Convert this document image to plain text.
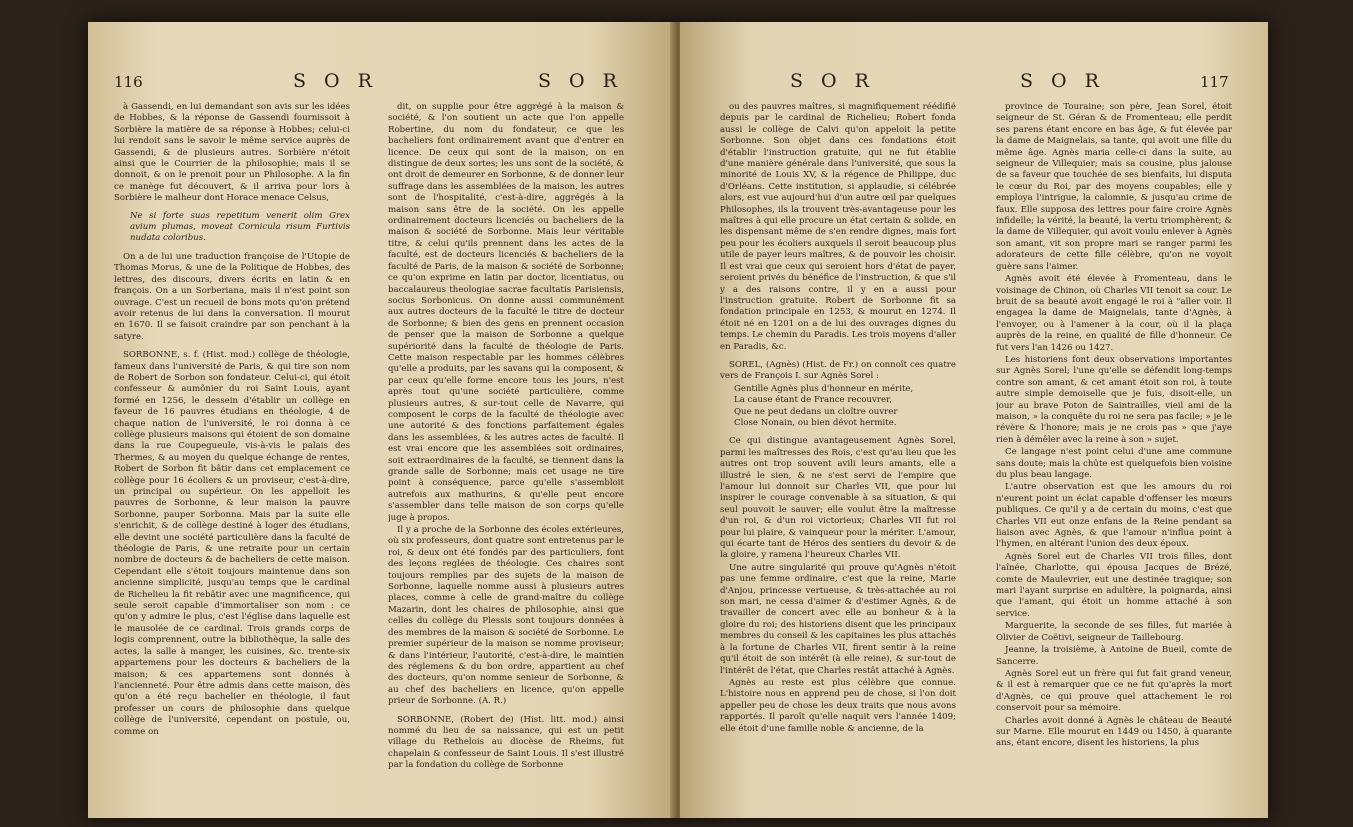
116	S O R	S O R

à Gassendi, en lui demandant son avis sur les idées de Hobbes, & la réponse de Gassendi fournissoit à Sorbière la matière de sa réponse à Hobbes; celui-ci lui rendoit sans le savoir le même service auprès de Gassendi, & de plusieurs autres. Sorbière n'étoit ainsi que le Courrier de la philosophie; mais il se donnoit, & on le prenoit pour un Philosophe. A la fin ce manège fut découvert, & il arriva pour lors à Sorbière le malheur dont Horace menace Celsus,

Ne si forte suas repetitum venerit olim Grex avium plumas, moveat Cornicula risum Furtivis nudata coloribus.

On a de lui une traduction françoise de l'Utopie de Thomas Morus, & une de la Politique de Hobbes, des lettres, des discours, divers écrits en latin & en françois. On a un Sorberiana, mais il n'est point son ouvrage. C'est un recueil de bons mots qu'on prétend avoir retenus de lui dans la conversation. Il mourut en 1670. Il se faisoit craindre par son penchant à la satyre.

SORBONNE, s. f. (Hist. mod.) collège de théologie, fameux dans l'université de Paris, & qui tire son nom de Robert de Sorbon son fondateur. Celui-ci, qui étoit confesseur & aumônier du roi Saint Louis, ayant formé en 1256, le dessein d'établir un collège en faveur de 16 pauvres étudians en théologie, 4 de chaque nation de l'université, le roi donna à ce collège plusieurs maisons qui étoient de son domaine dans la rue Coupegueule, vis-à-vis le palais des Thermes, & au moyen du quelque échange de rentes, Robert de Sorbon fit bâtir dans cet emplacement ce collège pour 16 écoliers & un proviseur, c'est-à-dire, un principal ou supérieur. On les appelloit les pauvres de Sorbonne, & leur maison la pauvre Sorbonne, pauper Sorbonna. Mais par la suite elle s'enrichit, & de collège destiné à loger des étudians, elle devint une société particulière dans la faculté de théologie de Paris, & une retraite pour un certain nombre de docteurs & de bacheliers de cette maison. Cependant elle s'étoit toujours maintenue dans son ancienne simplicité, jusqu'au temps que le cardinal de Richelieu la fit rebâtir avec une magnificence, qui seule seroit capable d'immortaliser son nom : ce qu'on y admire le plus, c'est l'église dans laquelle est le mausolée de ce cardinal. Trois grands corps de logis comprennent, outre la bibliothèque, la salle des actes, la salle à manger, les cuisines, &c. trente-six appartemens pour les docteurs & bacheliers de la maison; & ces appartemens sont donnés à l'ancienneté. Pour être admis dans cette maison, dès qu'on a été reçu bachelier en théologie, il faut professer un cours de philosophie dans quelque collège de l'université, cependant on postule, ou, comme on

dit, on supplie pour être aggrégé à la maison & société, & l'on soutient un acte que l'on appelle Robertine, du nom du fondateur, ce que les bacheliers font ordinairement avant que d'entrer en licence. De ceux qui sont de la maison, on en distingue de deux sortes; les uns sont de la société, & ont droit de demeurer en Sorbonne, & de donner leur suffrage dans les assemblées de la maison, les autres sont de l'hospitalité, c'est-à-dire, aggrégés à la maison sans être de la société. On les appelle ordinairement docteurs licenciés ou bacheliers de la maison & société de Sorbonne. Mais leur véritable titre, & celui qu'ils prennent dans les actes de la faculté, est de docteurs licenciés & bacheliers de la faculté de Paris, de la maison & société de Sorbonne; ce qu'on exprime en latin par doctor, licentiatus, ou baccalaureus theologiae sacrae facultatis Parisiensis, socius Sorbonicus. On donne aussi communément aux autres docteurs de la faculté le titre de docteur de Sorbonne; & bien des gens en prennent occasion de penser que la maison de Sorbonne a quelque supériorité dans la faculté de théologie de Paris. Cette maison respectable par les hommes célèbres qu'elle a produits, par les savans qui la composent, & par ceux qu'elle forme encore tous les jours, n'est après tout qu'une société particulière, comme plusieurs autres, & sur-tout celle de Navarre, qui composent le corps de la faculté de théologie avec une autorité & des fonctions parfaitement égales dans les assemblées, & les autres actes de faculté. Il est vrai encore que les assemblées soit ordinaires, soit extraordinaires de la faculté, se tiennent dans la grande salle de Sorbonne; mais cet usage ne tire point à conséquence, parce qu'elle s'assembloit autrefois aux mathurins, & qu'elle peut encore s'assembler dans telle maison de son corps qu'elle juge à propos.

Il y a proche de la Sorbonne des écoles extérieures, où six professeurs, dont quatre sont entretenus par le roi, & deux ont été fondés par des particuliers, font des leçons reglées de théologie. Ces chaires sont toujours remplies par des sujets de la maison de Sorbonne, laquelle nomme aussi à plusieurs autres places, comme à celle de grand-maître du collège Mazarin, dont les chaires de philosophie, ainsi que celles du collège du Plessis sont toujours données à des membres de la maison & société de Sorbonne. Le premier supérieur de la maison se nomme proviseur; & dans l'intérieur, l'autorité, c'est-à-dire, le maintien des réglemens & du bon ordre, appartient au chef des docteurs, qu'on nomme senieur de Sorbonne, & au chef des bacheliers en licence, qu'on appelle prieur de Sorbonne. (A. R.)

SORBONNE, (Robert de) (Hist. litt. mod.) ainsi nommé du lieu de sa naissance, qui est un petit village du Rethelois au diocèse de Rheims, fut chapelain & confesseur de Saint Louis. Il s'est illustré par la fondation du collège de Sorbonne

S O R	S O R	117

ou des pauvres maîtres, si magnifiquement réédifié depuis par le cardinal de Richelieu; Robert fonda aussi le collège de Calvi qu'on appeloit la petite Sorbonne. Son objet dans ces fondations étoit d'établir l'instruction gratuite, qui ne fut établie d'une manière générale dans l'université, que sous la minorité de Louis XV, & la régence de Philippe, duc d'Orléans. Cette institution, si applaudie, si célébrée alors, est vue aujourd'hui d'un autre œil par quelques Philosophes, ils la trouvent très-avantageuse pour les maîtres à qui elle procure un état certain & solide, en les dispensant même de s'en rendre dignes, mais fort peu pour les écoliers auxquels il seroit beaucoup plus utile de payer leurs maîtres, & de pouvoir les choisir. Il est vrai que ceux qui seroient hors d'état de payer, seroient privés du bénéfice de l'instruction, & que s'il y a des raisons contre, il y en a aussi pour l'instruction gratuite. Robert de Sorbonne fit sa fondation principale en 1253, & mourut en 1274. Il étoit né en 1201 on a de lui des ouvrages dignes du temps. Le chemin du Paradis. Les trois moyens d'aller en Paradis, &c.

SOREL, (Agnès) (Hist. de Fr.) on connoît ces quatre vers de François I. sur Agnès Sorel :

Gentille Agnès plus d'honneur en mérite,

La cause étant de France recouvrer,

Que ne peut dedans un cloître ouvrer

Close Nonain, ou bien dévot hermite.

Ce qui distingue avantageusement Agnès Sorel, parmi les maîtresses des Rois, c'est qu'au lieu que les autres ont trop souvent avili leurs amants, elle a illustré le sien, & ne s'est servi de l'empire que l'amour lui donnoit sur Charles VII, que pour lui inspirer le courage convenable à sa situation, & qui seul pouvoit le sauver; elle voulut être la maîtresse d'un roi, & d'un roi victorieux; Charles VII fut roi pour lui plaire, & vainqueur pour la mériter. L'amour, qui écarte tant de Héros des sentiers du devoir & de la gloire, y ramena l'heureux Charles VII.

Une autre singularité qui prouve qu'Agnès n'étoit pas une femme ordinaire, c'est que la reine, Marie d'Anjou, princesse vertueuse, & très-attachée au roi son mari, ne cessa d'aimer & d'estimer Agnès, & de travailler de concert avec elle au bonheur & à la gloire du roi; des historiens disent que les principaux membres du conseil & les capitaines les plus attachés à la fortune de Charles VII, firent sentir à la reine qu'il étoit de son intérêt (à elle reine), & sur-tout de l'intérêt de l'état, que Charles restât attaché à Agnès.

Agnès au reste est plus célèbre que connue. L'histoire nous en apprend peu de chose, si l'on doit appeller peu de chose les deux traits que nous avons rapportés. Il paroît qu'elle naquit vers l'année 1409; elle étoit d'une famille noble & ancienne, de la

province de Touraine; son père, Jean Sorel, étoit seigneur de St. Géran & de Fromenteau; elle perdit ses parens étant encore en bas âge, & fut élevée par la dame de Maignelais, sa tante, qui avoit une fille du même âge. Agnès maria celle-ci dans la suite, au seigneur de Villequier; mais sa cousine, plus jalouse de sa faveur que touchée de ses bienfaits, lui disputa le cœur du Roi, par des moyens coupables; elle y employa l'intrigue, la calomnie, & jusqu'au crime de faux. Elle supposa des lettres pour faire croire Agnès infidelle; la vérité, la beauté, la vertu triomphèrent; & la dame de Villequier, qui avoit voulu enlever à Agnès son amant, vit son propre mari se ranger parmi les adorateurs de cette fille célèbre, qu'on ne voyoit guère sans l'aimer.

Agnès avoit été élevée à Fromenteau, dans le voisinage de Chinon, où Charles VII tenoit sa cour. Le bruit de sa beauté avoit engagé le roi à "aller voir. Il engagea la dame de Maignelais, tante d'Agnès, à l'envoyer, ou à l'amener à la cour, où il la plaça auprès de la reine, en qualité de fille d'honneur. Ce fut vers l'an 1426 ou 1427.

Les historiens font deux observations importantes sur Agnès Sorel; l'une qu'elle se défendit long-temps contre son amant, & cet amant étoit son roi, à toute autre simple demoiselle que je fuis, disoit-elle, un jour au brave Poton de Saintrailles, vieil ami de la maison, » la conquête du roi ne sera pas facile; » je le révère & l'honore; mais je ne crois pas » que j'aye rien à démêler avec la reine à son » sujet.

Ce langage n'est point celui d'une ame commune sans doute; mais la chûte est quelquefois bien voisine du plus beau langage.

L'autre observation est que les amours du roi n'eurent point un éclat capable d'offenser les mœurs publiques. Ce qu'il y a de certain du moins, c'est que Charles VII eut onze enfans de la Reine pendant sa liaison avec Agnès, & que l'amour n'influa point à l'hymen, en altérant l'union des deux époux.

Agnès Sorel eut de Charles VII trois filles, dont l'aînée, Charlotte, qui épousa Jacques de Brézé, comte de Maulevrier, eut une destinée tragique; son mari l'ayant surprise en adultère, la poignarda, ainsi que l'amant, qui étoit un homme attaché à son service.

Marguerite, la seconde de ses filles, fut mariée à Olivier de Coëtivi, seigneur de Taillebourg.

Jeanne, la troisième, à Antoine de Bueil, comte de Sancerre.

Agnès Sorel eut un frère qui fut fait grand veneur, & il est à remarquer que ce ne fut qu'après la mort d'Agnès, ce qui prouve quel attachement le roi conservoit pour sa mémoire.

Charles avoit donné à Agnès le château de Beauté sur Marne. Elle mourut en 1449 ou 1450, à quarante ans, étant encore, disent les historiens, la plus
